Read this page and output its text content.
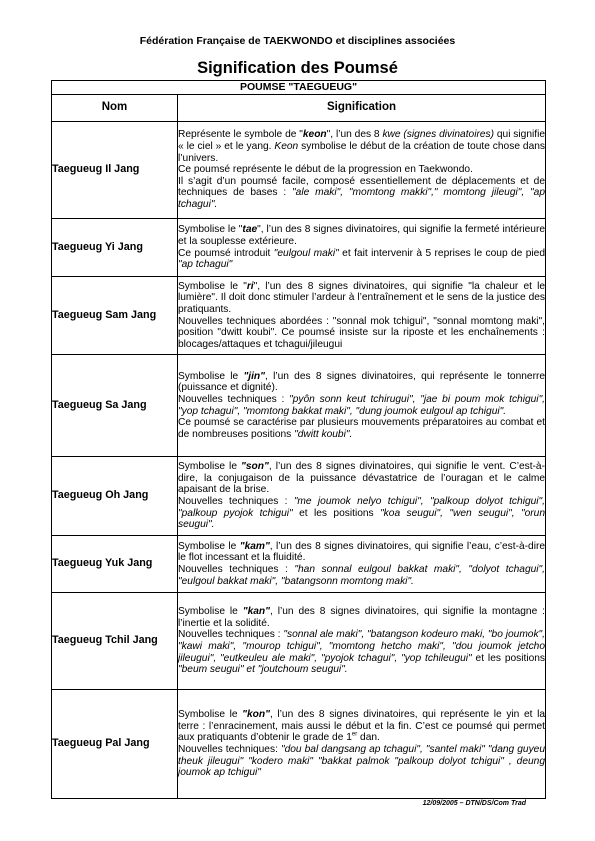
Fédération Française de TAEKWONDO et disciplines associées
Signification des Poumsé
POUMSE "TAEGUEUG"	
Nom	Signification
Taegueug Il Jang	Représente le symbole de "keon", l’un des 8 kwe (signes divinatoires) qui signifie « le ciel » et le yang. Keon symbolise le début de la création de toute chose dans l’univers.

Ce poumsé représente le début de la progression en Taekwondo.

Il s’agit d’un poumsé facile, composé essentiellement de déplacements et de techniques de bases : "ale maki", "momtong makki"," momtong jileugi", "ap tchagui".

Taegueug Yi Jang	Symbolise le "tae", l’un des 8 signes divinatoires, qui signifie la fermeté intérieure et la souplesse extérieure.

Ce poumsé introduit "eulgoul maki" et fait intervenir à 5 reprises le coup de pied "ap tchagui"

Taegueug Sam Jang	Symbolise le "ri", l’un des 8 signes divinatoires, qui signifie "la chaleur et le lumière". Il doit donc stimuler l’ardeur à l’entraînement et le sens de la justice des pratiquants.

Nouvelles techniques abordées : "sonnal mok tchigui", "sonnal momtong maki", position "dwitt koubi". Ce poumsé insiste sur la riposte et les enchaînements : blocages/attaques et tchagui/jileugui

Taegueug Sa Jang	Symbolise le "jin", l’un des 8 signes divinatoires, qui représente le tonnerre (puissance et dignité).

Nouvelles techniques : "pyôn sonn keut tchirugui", "jae bi poum mok tchigui", "yop tchagui", "momtong bakkat maki", "dung joumok eulgoul ap tchigui".

Ce poumsé se caractérise par plusieurs mouvements préparatoires au combat et de nombreuses positions "dwitt koubi".

Taegueug Oh Jang	Symbolise le "son", l’un des 8 signes divinatoires, qui signifie le vent. C’est-à-dire, la conjugaison de la puissance dévastatrice de l’ouragan et le calme apaisant de la brise.

Nouvelles techniques : "me joumok nelyo tchigui", "palkoup dolyot tchigui", "palkoup pyojok tchigui" et les positions "koa seugui", "wen seugui", "orun seugui".

Taegueug Yuk Jang	Symbolise le "kam", l’un des 8 signes divinatoires, qui signifie l’eau, c’est-à-dire le flot incessant et la fluidité.

Nouvelles techniques : "han sonnal eulgoul bakkat maki", "dolyot tchagui", "eulgoul bakkat maki", "batangsonn momtong maki".

Taegueug Tchil Jang	Symbolise le "kan", l’un des 8 signes divinatoires, qui signifie la montagne : l’inertie et la solidité.

Nouvelles techniques : "sonnal ale maki", "batangson kodeuro maki, "bo joumok", "kawi maki", "mourop tchigui", "momtong hetcho maki", "dou joumok jetcho jileugui", "eutkeuleu ale maki", "pyojok tchagui", "yop tchileugui" et les positions "beum seugui" et "joutchoum seugui".

Taegueug Pal Jang	Symbolise le "kon", l’un des 8 signes divinatoires, qui représente le yin et la terre : l’enracinement, mais aussi le début et la fin. C’est ce poumsé qui permet aux pratiquants d’obtenir le grade de 1er dan.

Nouvelles techniques: "dou bal dangsang ap tchagui", "santel maki" "dang guyeu theuk jileugui" "kodero maki" "bakkat palmok "palkoup dolyot tchigui" , deung joumok ap tchigui"

12/09/2005 – DTN/DS/Com Trad
